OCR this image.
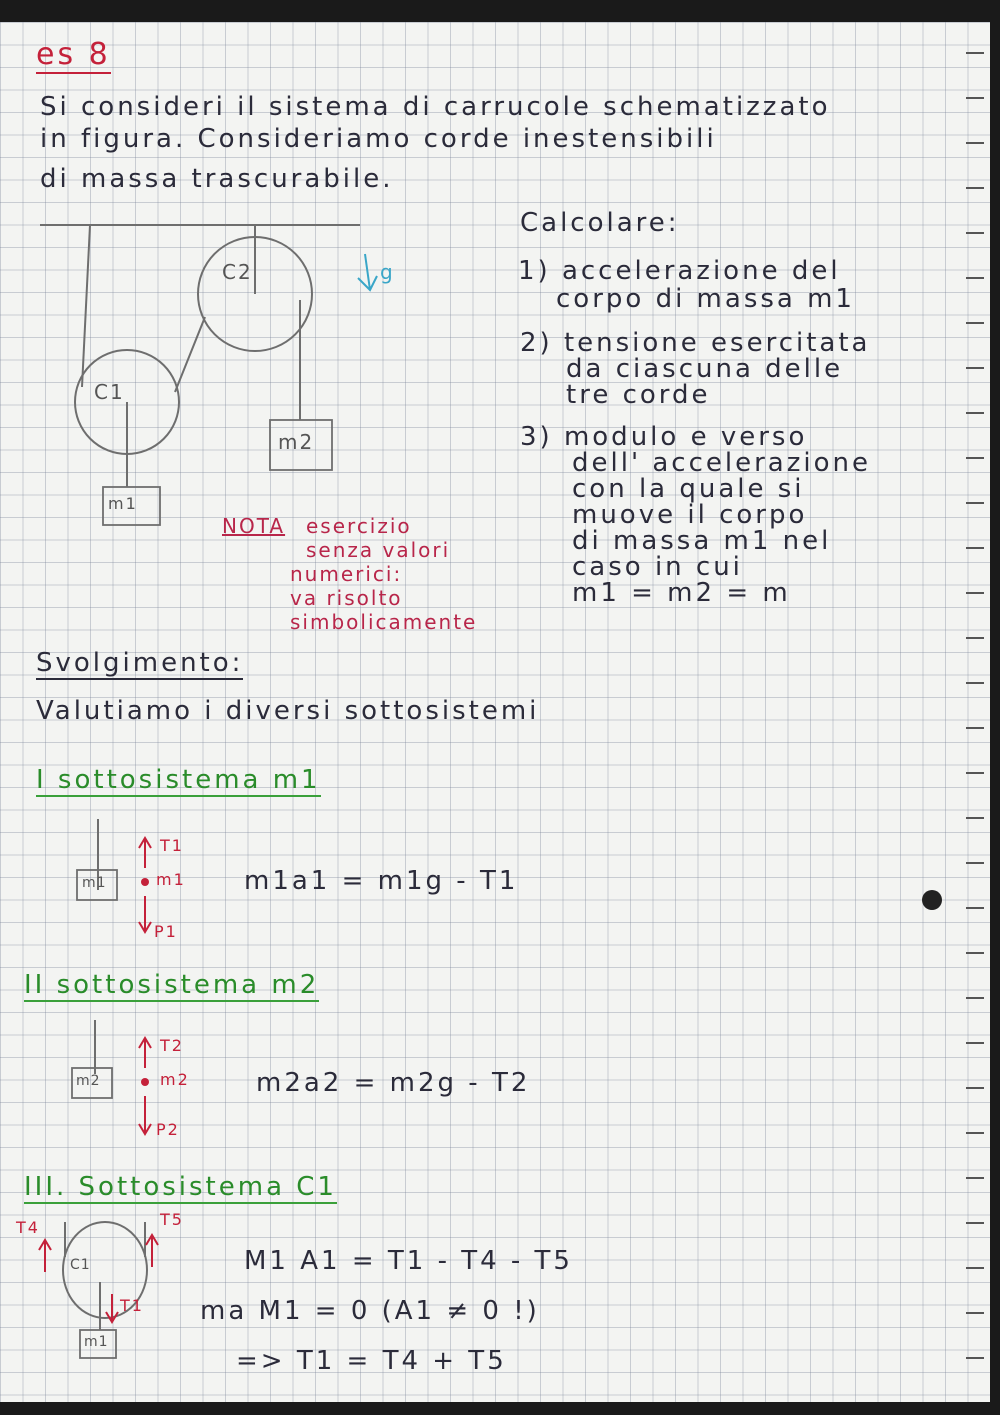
es 8
Si consideri il sistema di carrucole schematizzato
in figura. Consideriamo corde inestensibili
di massa trascurabile.
C2
C1
m1
m2
g
Calcolare:
1) accelerazione del
corpo di massa m1
2) tensione esercitata
da ciascuna delle
tre corde
3) modulo e verso
dell' accelerazione
con la quale si
muove il corpo
di massa m1 nel
caso in cui
m1 = m2 = m
NOTA esercizio
senza valori
numerici:
va risolto
simbolicamente
Svolgimento:
Valutiamo i diversi sottosistemi
I sottosistema m1
m1	m1
T1
P1
m1a1 = m1g - T1
II sottosistema m2
m2	m2
T2
P2
m2a2 = m2g - T2
III. Sottosistema C1
C1
m1
T4	T5
T1
M1 A1 = T1 - T4 - T5
ma M1 = 0 (A1 ≠ 0 !)
=> T1 = T4 + T5
